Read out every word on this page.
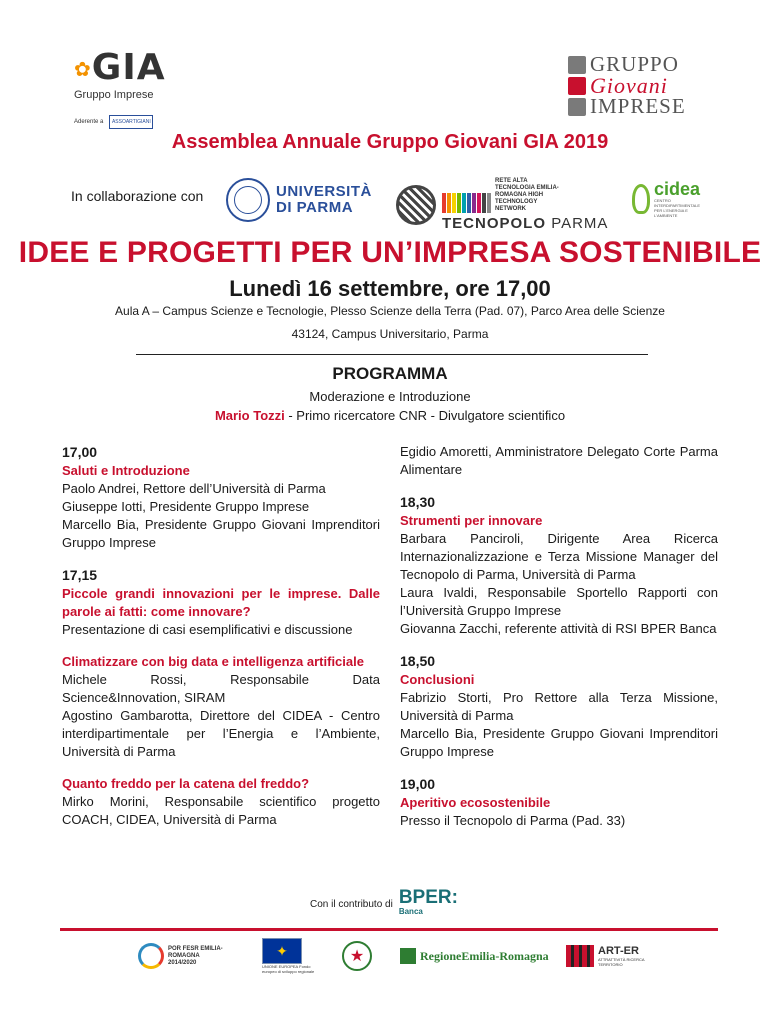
✿GIA
Gruppo Imprese
Aderente a	ASSOARTIGIANI
GRUPPO
Giovani
IMPRESE
Assemblea Annuale Gruppo Giovani GIA 2019
In collaborazione con	UNIVERSITÀ
DI PARMA
RETE ALTA TECNOLOGIA EMILIA-ROMAGNA HIGH TECHNOLOGY NETWORK
TECNOPOLO PARMA
cidea
CENTRO INTERDIPARTIMENTALE PER L'ENERGIA E L'AMBIENTE
IDEE E PROGETTI PER UN’IMPRESA SOSTENIBILE
Lunedì 16 settembre, ore 17,00
Aula A – Campus Scienze e Tecnologie, Plesso Scienze della Terra (Pad. 07), Parco Area delle Scienze
43124, Campus Universitario, Parma
PROGRAMMA
Moderazione e Introduzione
Mario Tozzi - Primo ricercatore CNR - Divulgatore scientifico
17,00
Saluti e Introduzione
Paolo Andrei, Rettore dell’Università di Parma
Giuseppe Iotti, Presidente Gruppo Imprese
Marcello Bia, Presidente Gruppo Giovani Imprenditori Gruppo Imprese
17,15
Piccole grandi innovazioni per le imprese. Dalle parole ai fatti: come innovare?
Presentazione di casi esemplificativi e discussione
Climatizzare con big data e intelligenza artificiale
Michele Rossi, Responsabile Data Science&Innovation, SIRAM
Agostino Gambarotta, Direttore del CIDEA - Centro interdipartimentale per l’Energia e l’Ambiente, Università di Parma
Quanto freddo per la catena del freddo?
Mirko Morini, Responsabile scientifico progetto COACH, CIDEA, Università di Parma
Egidio Amoretti, Amministratore Delegato Corte Parma Alimentare
18,30
Strumenti per innovare
Barbara Panciroli, Dirigente Area Ricerca Internazionalizzazione e Terza Missione Manager del Tecnopolo di Parma, Università di Parma
Laura Ivaldi, Responsabile Sportello Rapporti con l’Università Gruppo Imprese
Giovanna Zacchi, referente attività di RSI BPER Banca
18,50
Conclusioni
Fabrizio Storti, Pro Rettore alla Terza Missione, Università di Parma
Marcello Bia, Presidente Gruppo Giovani Imprenditori Gruppo Imprese
19,00
Aperitivo ecosostenibile
Presso il Tecnopolo di Parma (Pad. 33)
Con il contributo di BPER:
Banca
POR FESR EMILIA-ROMAGNA 2014/2020
✦
UNIONE EUROPEA Fondo europeo di sviluppo regionale
★	RegioneEmilia-Romagna	ART-ER
ATTRATTIVITÀ RICERCA TERRITORIO
